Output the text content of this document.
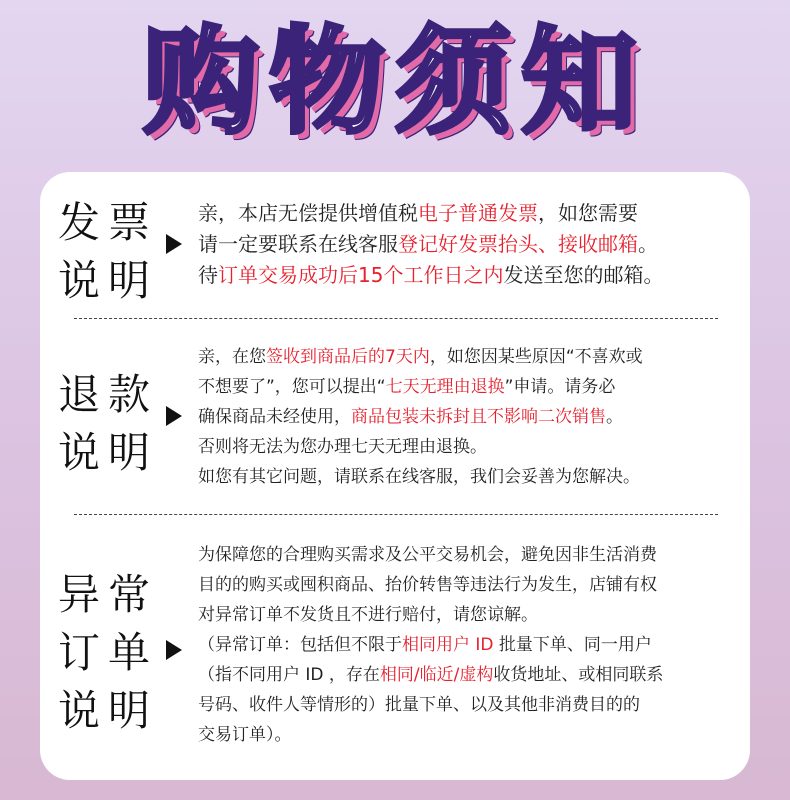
购物须知
发票
说明

亲，本店无偿提供增值税电子普通发票，如您需要

请一定要联系在线客服登记好发票抬头、接收邮箱。

待订单交易成功后15个工作日之内发送至您的邮箱。

退款
说明

亲，在您签收到商品后的7天内，如您因某些原因“不喜欢或

不想要了”，您可以提出“七天无理由退换”申请。请务必

确保商品未经使用，商品包装未拆封且不影响二次销售。

否则将无法为您办理七天无理由退换。

如您有其它问题，请联系在线客服，我们会妥善为您解决。

异常
订单
说明

为保障您的合理购买需求及公平交易机会，避免因非生活消费

目的的购买或囤积商品、抬价转售等违法行为发生，店铺有权

对异常订单不发货且不进行赔付，请您谅解。

（异常订单：包括但不限于相同用户 ID 批量下单、同一用户

（指不同用户 ID ，存在相同/临近/虚构收货地址、或相同联系

号码、收件人等情形的）批量下单、以及其他非消费目的的

交易订单）。
